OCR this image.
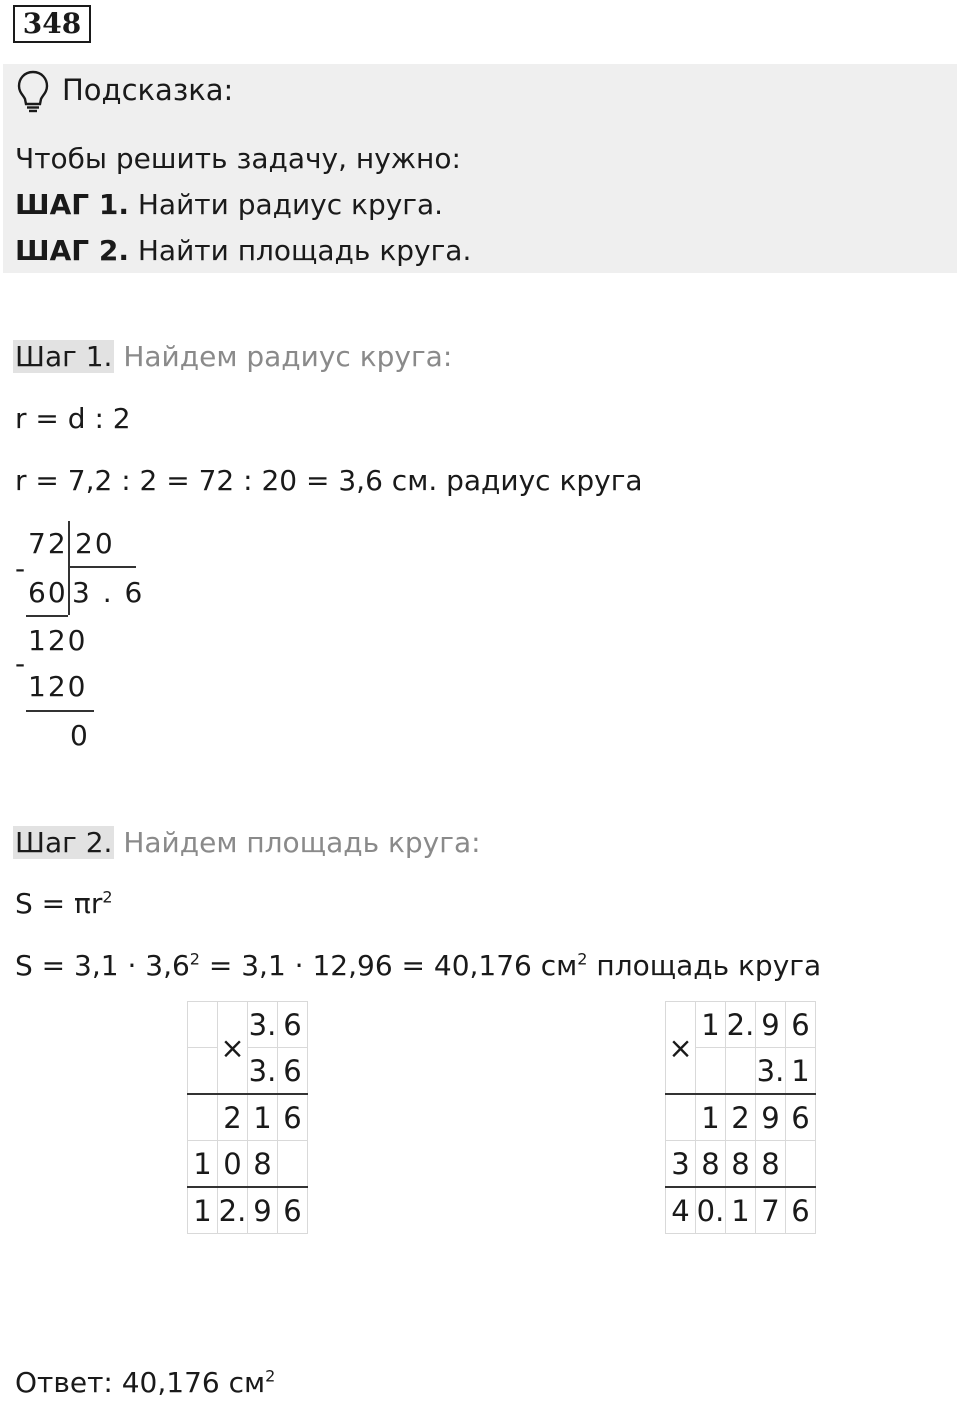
348
Подсказка:
Чтобы решить задачу, нужно:
ШАГ 1. Найти радиус круга.
ШАГ 2. Найти площадь круга.
Шаг 1. Найдем радиус круга:
r = d : 2
r = 7,2 : 2 = 72 : 20 = 3,6 см. радиус круга
72 20
-
60 3 . 6
120
-
120
0
Шаг 2. Найдем площадь круга:
$S = \pi r^2$
$S = 3,1 \cdot 3,6^2 = 3,1 \cdot 12,96 = 40,176$ $см^2$ площадь круга
	×	3.	6
		3.	6
	2	1	6
1	0	8	
1	2.	9	6
×	1	2.	9	6
			3.	1
	1	2	9	6
3	8	8	8	
4	0.	1	7	6
Ответ: 40,176 $см^2$
